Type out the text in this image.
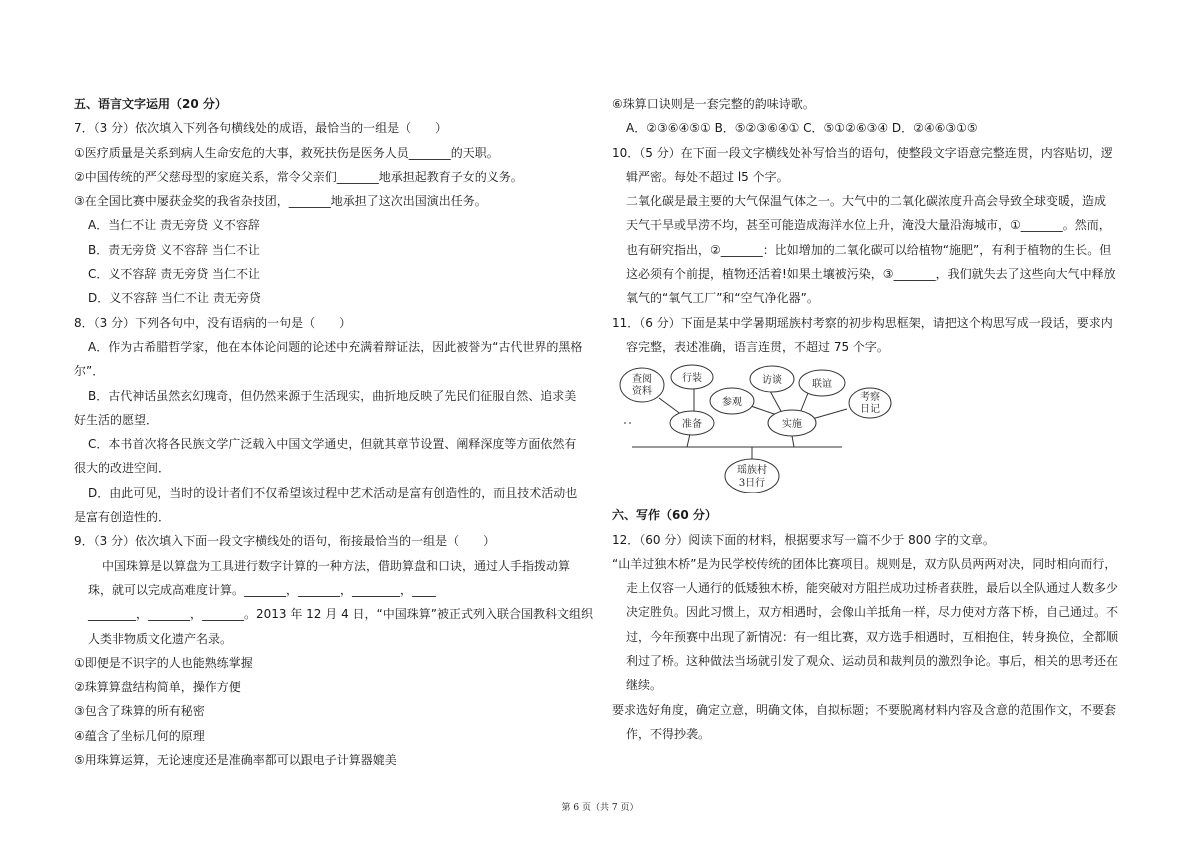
五、语言文字运用（20 分）

7．（3 分）依次填入下列各句横线处的成语，最恰当的一组是（　　）

①医疗质量是关系到病人生命安危的大事，救死扶伤是医务人员_______的天职。

②中国传统的严父慈母型的家庭关系，常令父亲们_______地承担起教育子女的义务。

③在全国比赛中屡获金奖的我省杂技团，_______地承担了这次出国演出任务。

A．当仁不让 责无旁贷 义不容辞

B．责无旁贷 义不容辞 当仁不让

C．义不容辞 责无旁贷 当仁不让

D．义不容辞 当仁不让 责无旁贷

8．（3 分）下列各句中，没有语病的一句是（　　）

A．作为古希腊哲学家，他在本体论问题的论述中充满着辩证法，因此被誉为“古代世界的黑格

尔”．

B．古代神话虽然玄幻瑰奇，但仍然来源于生活现实，曲折地反映了先民们征服自然、追求美

好生活的愿望．

C．本书首次将各民族文学广泛载入中国文学通史，但就其章节设置、阐释深度等方面依然有

很大的改进空间．

D．由此可见，当时的设计者们不仅希望该过程中艺术活动是富有创造性的，而且技术活动也

是富有创造性的．

9．（3 分）依次填入下面一段文字横线处的语句，衔接最恰当的一组是（　　）

中国珠算是以算盘为工具进行数字计算的一种方法，借助算盘和口诀，通过人手指拨动算

珠，就可以完成高难度计算。_______，_______，________，____

________，_______，_______。2013 年 12 月 4 日，“中国珠算”被正式列入联合国教科文组织

人类非物质文化遗产名录。

①即便是不识字的人也能熟练掌握

②珠算算盘结构简单，操作方便

③包含了珠算的所有秘密

④蕴含了坐标几何的原理

⑤用珠算运算，无论速度还是准确率都可以跟电子计算器媲美

⑥珠算口诀则是一套完整的韵味诗歌。

A．②③⑥④⑤① B．⑤②③⑥④① C．⑤①②⑥③④ D．②④⑥③①⑤

10．（5 分）在下面一段文字横线处补写恰当的语句，使整段文字语意完整连贯，内容贴切，逻

辑严密。每处不超过 l5 个字。

二氧化碳是最主要的大气保温气体之一。大气中的二氧化碳浓度升高会导致全球变暖，造成

天气干旱或旱涝不均，甚至可能造成海洋水位上升，淹没大量沿海城市，①_______。然而，

也有研究指出，②_______：比如增加的二氧化碳可以给植物“施肥”，有利于植物的生长。但

这必须有个前提，植物还活着!如果土壤被污染，③_______，我们就失去了这些向大气中释放

氧气的“氧气工厂”和“空气净化器”。

11．（6 分）下面是某中学暑期瑶族村考察的初步构思框架，请把这个构思写成一段话，要求内

容完整，表述准确，语言连贯，不超过 75 个字。

查阅
资料
行装
准备
参观
访谈
实施
联谊
考察
日记
瑶族村
3日行

六、写作（60 分）

12．（60 分）阅读下面的材料，根据要求写一篇不少于 800 字的文章。

“山羊过独木桥”是为民学校传统的团体比赛项目。规则是，双方队员两两对决，同时相向而行，

走上仅容一人通行的低矮独木桥，能突破对方阻拦成功过桥者获胜，最后以全队通过人数多少

决定胜负。因此习惯上，双方相遇时，会像山羊抵角一样，尽力使对方落下桥，自己通过。不

过，今年预赛中出现了新情况：有一组比赛，双方选手相遇时，互相抱住，转身换位，全都顺

利过了桥。这种做法当场就引发了观众、运动员和裁判员的激烈争论。事后，相关的思考还在

继续。

要求选好角度，确定立意，明确文体，自拟标题；不要脱离材料内容及含意的范围作文，不要套

作，不得抄袭。

第 6 页（共 7 页）
